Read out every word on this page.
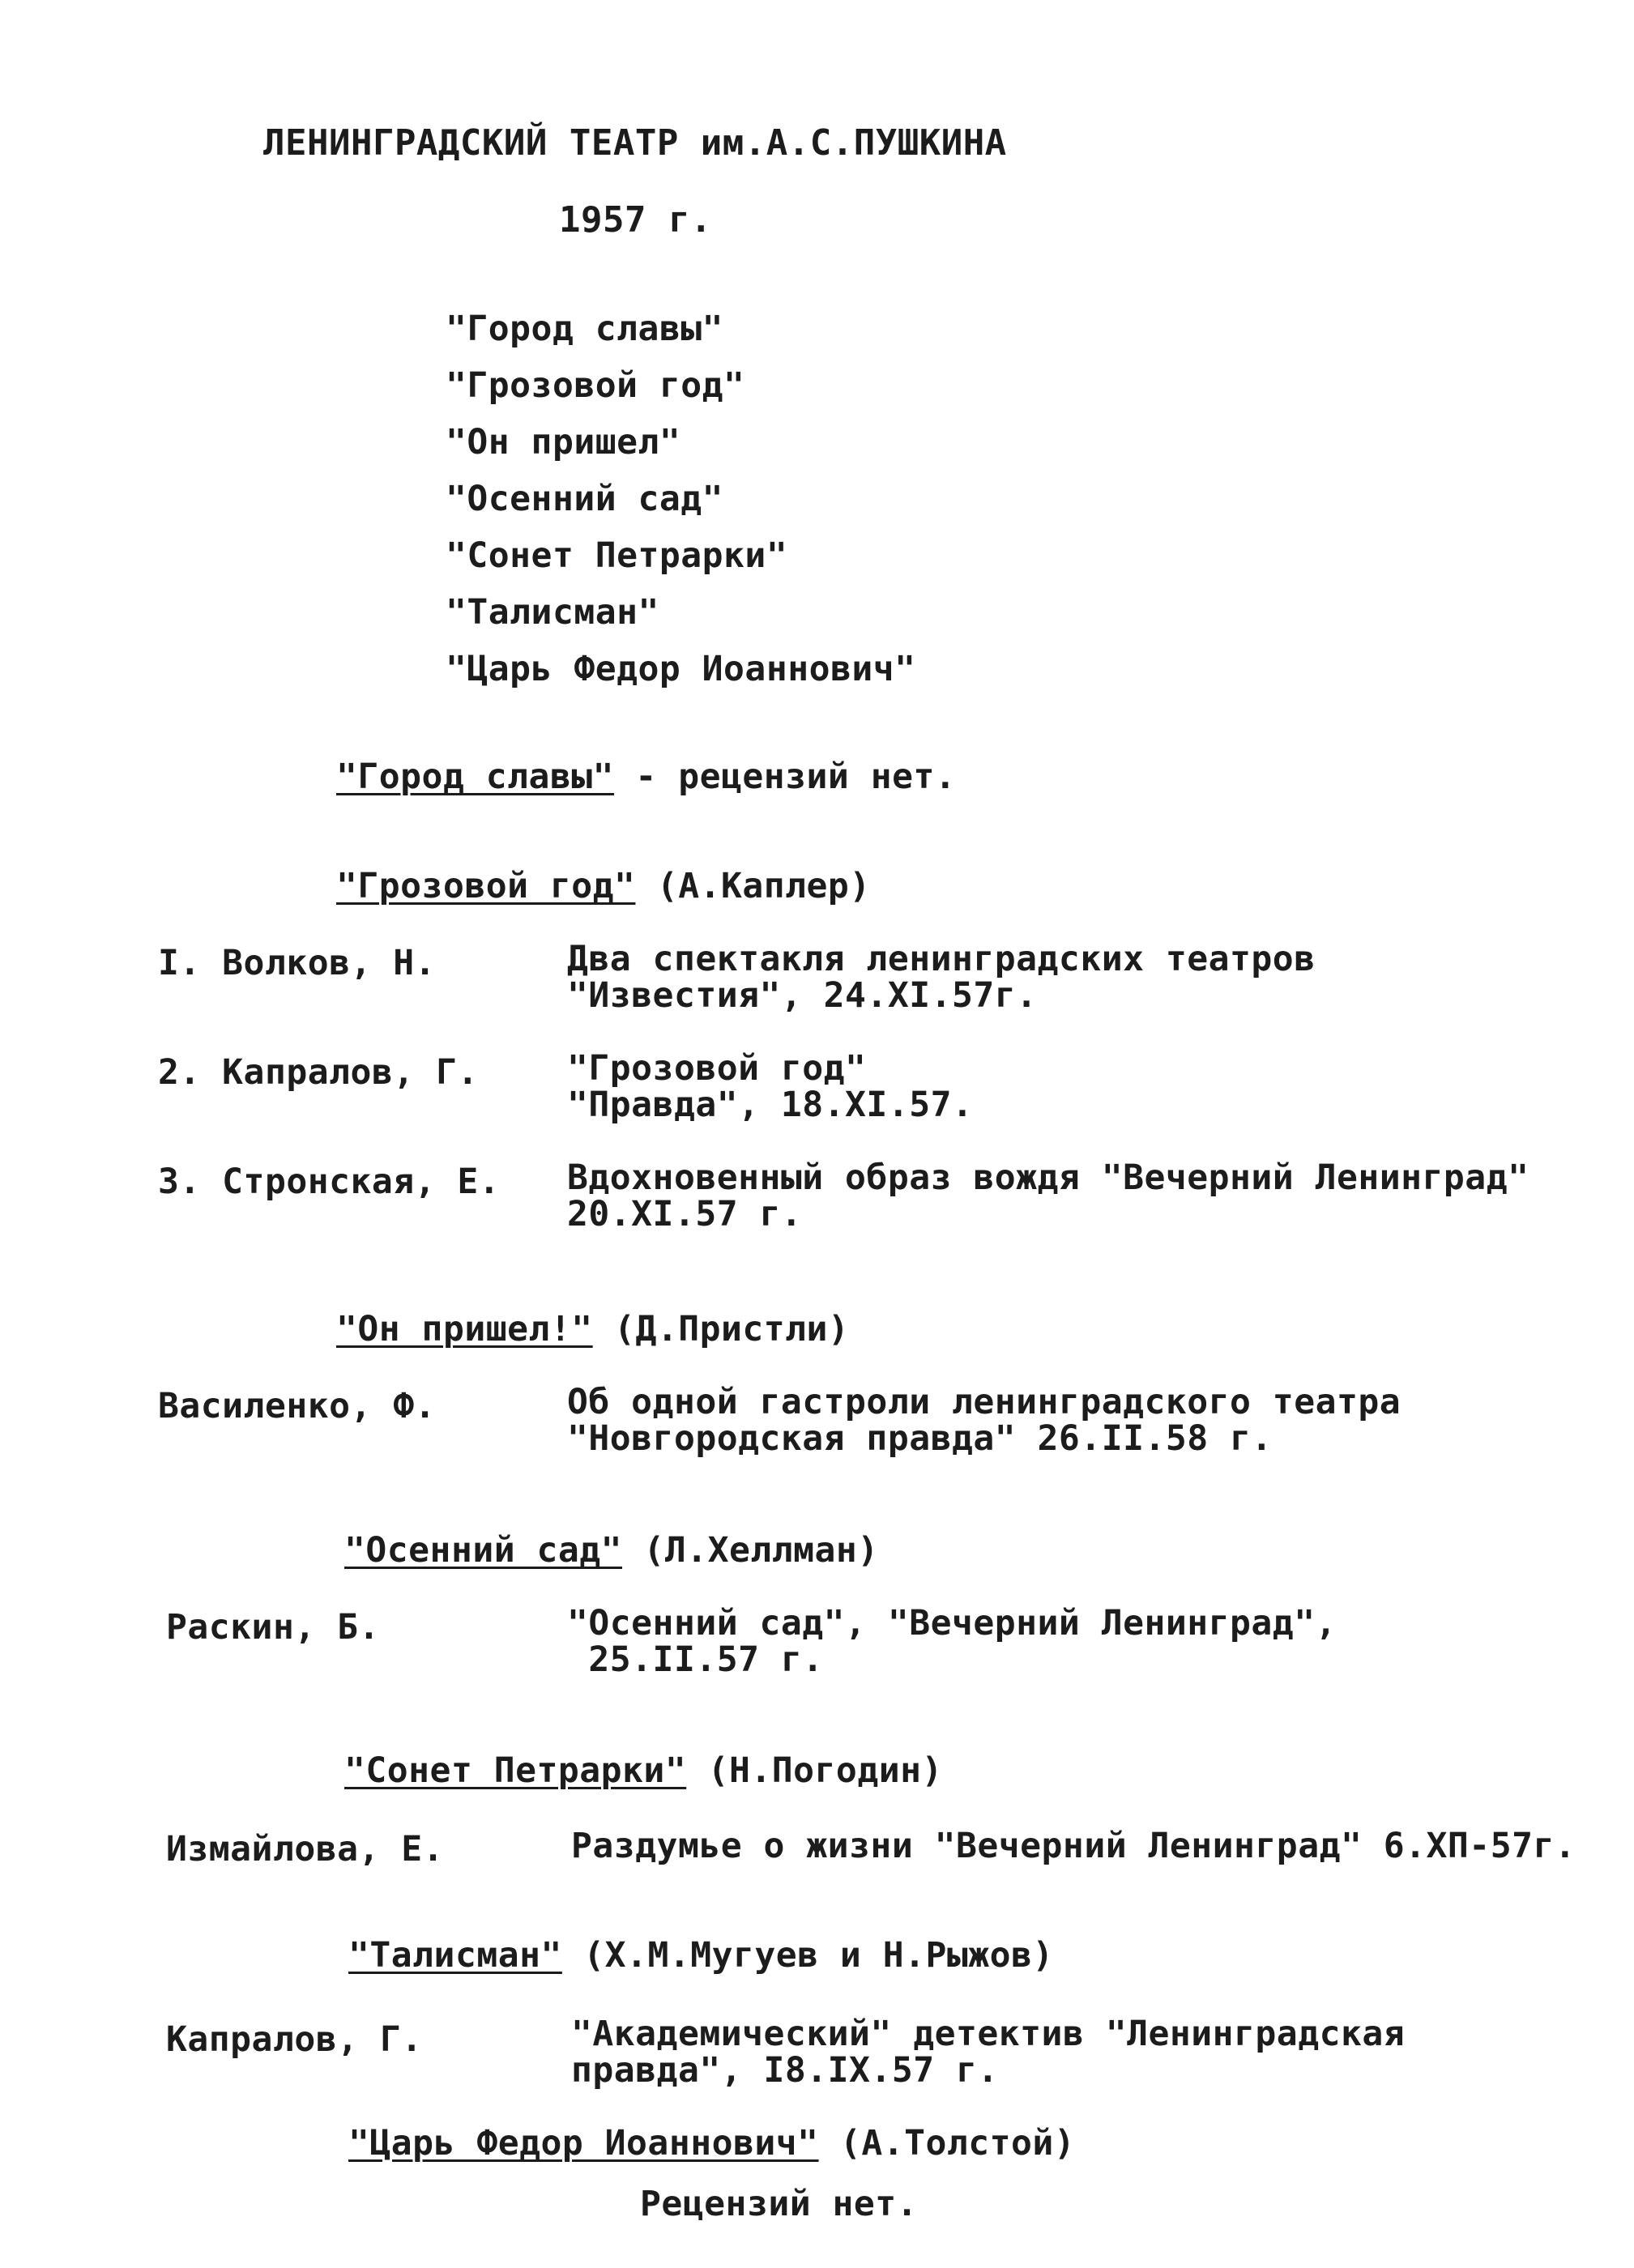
ЛЕНИНГРАДСКИЙ ТЕАТР им.А.С.ПУШКИНА
1957 г.
"Город славы"
"Грозовой год"
"Он пришел"
"Осенний сад"
"Сонет Петрарки"
"Талисман"
"Царь Федор Иоаннович"
"Город славы" - рецензий нет.
"Грозовой год" (А.Каплер)
I. Волков, Н.	Два спектакля ленинградских театров
"Известия", 24.XI.57г.
2. Капралов, Г.	"Грозовой год"
"Правда", 18.XI.57.
3. Стронская, Е. Вдохновенный образ вождя "Вечерний Ленинград"
20.XI.57 г.
"Он пришел!" (Д.Пристли)
Василенко, Ф.	Об одной гастроли ленинградского театра
"Новгородская правда" 26.II.58 г.
"Осенний сад" (Л.Хеллман)
Раскин, Б.	"Осенний сад", "Вечерний Ленинград",
25.II.57 г.
"Сонет Петрарки" (Н.Погодин)
Измайлова, Е.	Раздумье о жизни "Вечерний Ленинград" 6.ХП-57г.
"Талисман" (Х.М.Мугуев и Н.Рыжов)
Капралов, Г.	"Академический" детектив "Ленинградская
правда", I8.IX.57 г.
"Царь Федор Иоаннович" (А.Толстой)
Рецензий нет.
